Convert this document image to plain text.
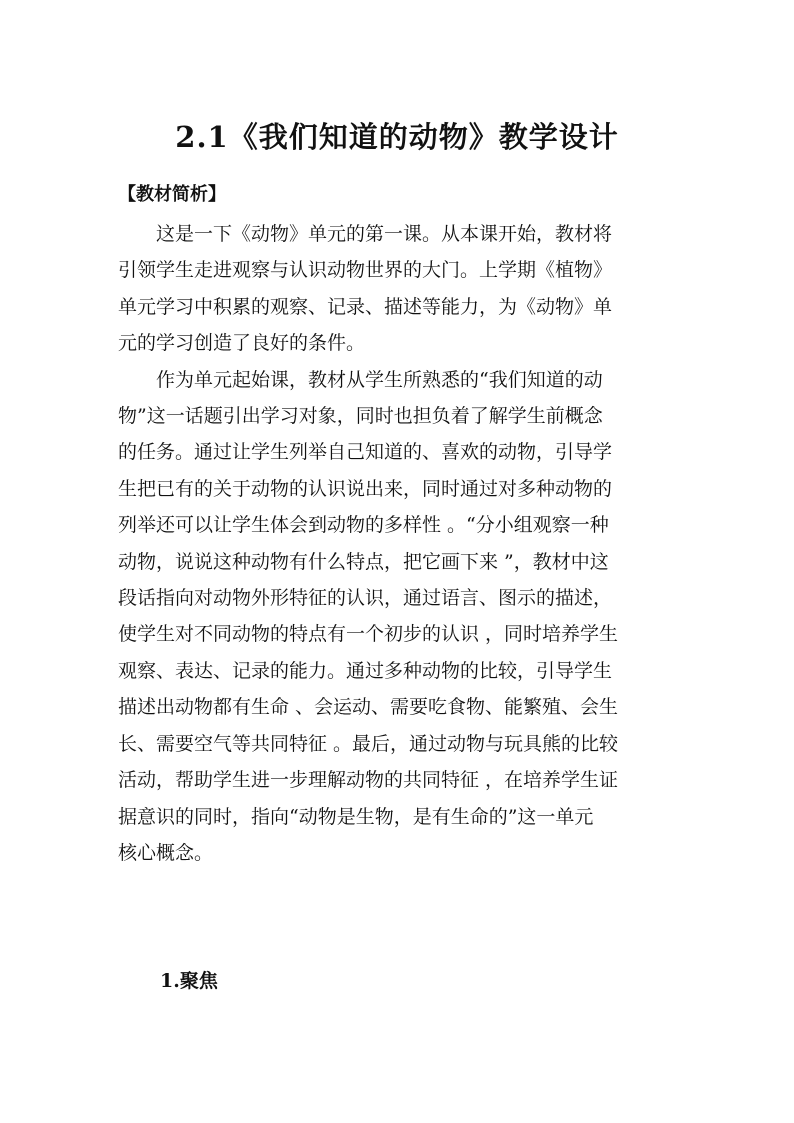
2.1《我们知道的动物》教学设计
【教材简析】

这是一下《动物》单元的第一课。从本课开始，教材将
引领学生走进观察与认识动物世界的大门。上学期《植物》
单元学习中积累的观察、记录、描述等能力，为《动物》单
元的学习创造了良好的条件。

作为单元起始课，教材从学生所熟悉的“我们知道的动
物”这一话题引出学习对象，同时也担负着了解学生前概念
的任务。通过让学生列举自己知道的、喜欢的动物，引导学
生把已有的关于动物的认识说出来，同时通过对多种动物的
列举还可以让学生体会到动物的多样性 。“分小组观察一种
动物，说说这种动物有什么特点，把它画下来 ”，教材中这
段话指向对动物外形特征的认识，通过语言、图示的描述，
使学生对不同动物的特点有一个初步的认识 ，同时培养学生
观察、表达、记录的能力。通过多种动物的比较，引导学生
描述出动物都有生命 、会运动、需要吃食物、能繁殖、会生
长、需要空气等共同特征 。最后，通过动物与玩具熊的比较
活动，帮助学生进一步理解动物的共同特征 ，在培养学生证
据意识的同时，指向“动物是生物，是有生命的”这一单元
核心概念。

1.聚焦
